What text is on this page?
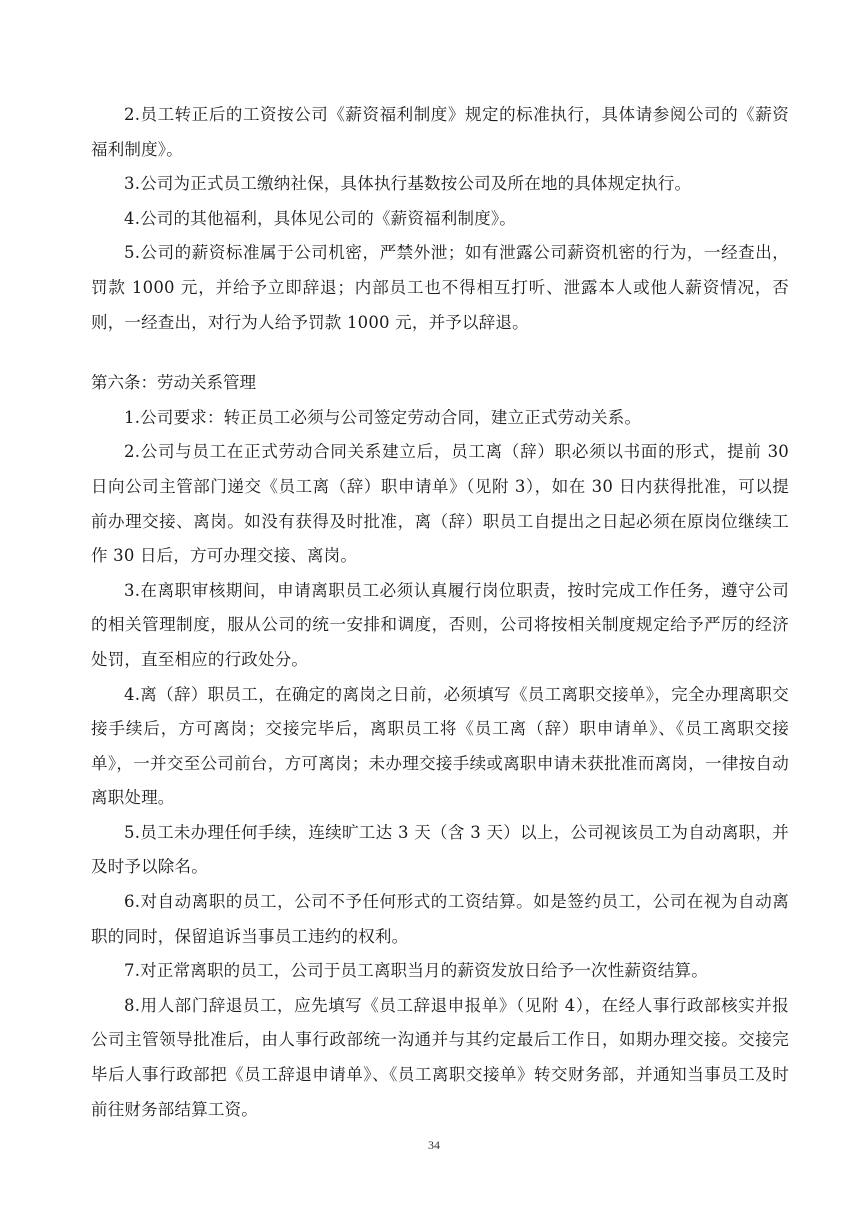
2.员工转正后的工资按公司《薪资福利制度》规定的标准执行，具体请参阅公司的《薪资福利制度》。

3.公司为正式员工缴纳社保，具体执行基数按公司及所在地的具体规定执行。

4.公司的其他福利，具体见公司的《薪资福利制度》。

5.公司的薪资标准属于公司机密，严禁外泄；如有泄露公司薪资机密的行为，一经查出，罚款 1000 元，并给予立即辞退；内部员工也不得相互打听、泄露本人或他人薪资情况，否则，一经查出，对行为人给予罚款 1000 元，并予以辞退。

第六条：劳动关系管理

1.公司要求：转正员工必须与公司签定劳动合同，建立正式劳动关系。

2.公司与员工在正式劳动合同关系建立后，员工离（辞）职必须以书面的形式，提前 30 日向公司主管部门递交《员工离（辞）职申请单》（见附 3），如在 30 日内获得批准，可以提前办理交接、离岗。如没有获得及时批准，离（辞）职员工自提出之日起必须在原岗位继续工作 30 日后，方可办理交接、离岗。

3.在离职审核期间，申请离职员工必须认真履行岗位职责，按时完成工作任务，遵守公司的相关管理制度，服从公司的统一安排和调度，否则，公司将按相关制度规定给予严厉的经济处罚，直至相应的行政处分。

4.离（辞）职员工，在确定的离岗之日前，必须填写《员工离职交接单》，完全办理离职交接手续后，方可离岗；交接完毕后，离职员工将《员工离（辞）职申请单》、《员工离职交接单》，一并交至公司前台，方可离岗；未办理交接手续或离职申请未获批准而离岗，一律按自动离职处理。

5.员工未办理任何手续，连续旷工达 3 天（含 3 天）以上，公司视该员工为自动离职，并及时予以除名。

6.对自动离职的员工，公司不予任何形式的工资结算。如是签约员工，公司在视为自动离职的同时，保留追诉当事员工违约的权利。

7.对正常离职的员工，公司于员工离职当月的薪资发放日给予一次性薪资结算。

8.用人部门辞退员工，应先填写《员工辞退申报单》（见附 4），在经人事行政部核实并报公司主管领导批准后，由人事行政部统一沟通并与其约定最后工作日，如期办理交接。交接完毕后人事行政部把《员工辞退申请单》、《员工离职交接单》转交财务部，并通知当事员工及时前往财务部结算工资。

34
